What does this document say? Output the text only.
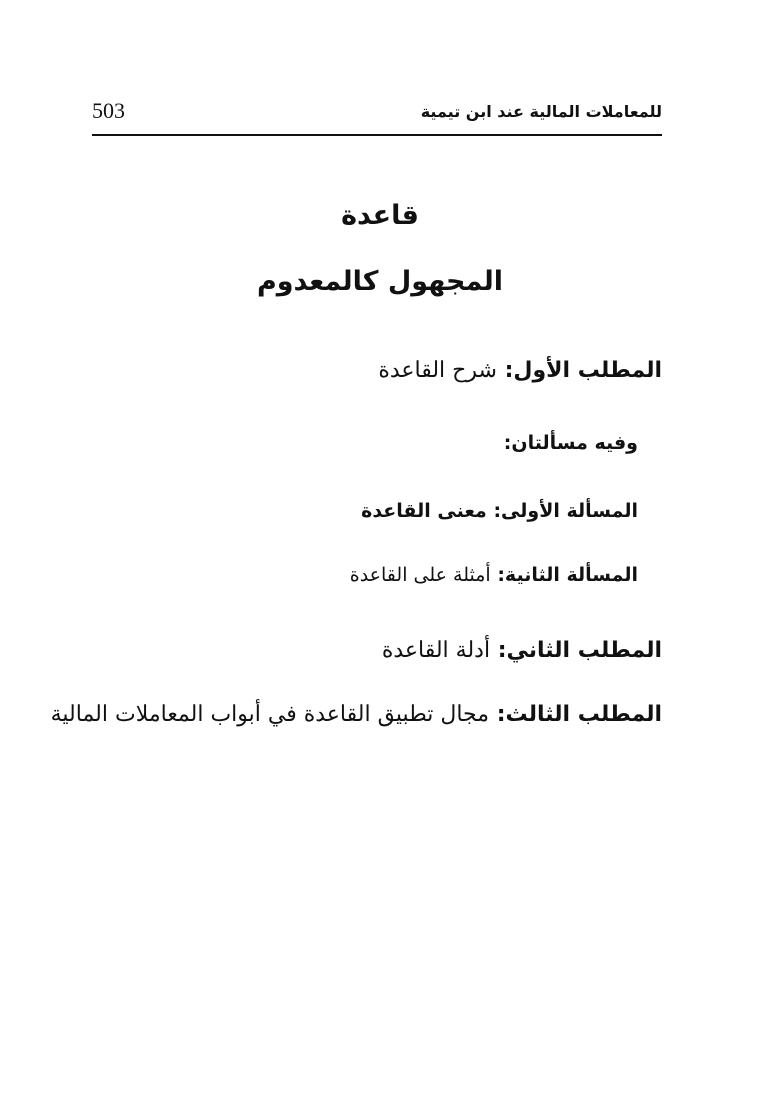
للمعاملات المالية عند ابن تيمية
503
قاعدة
المجهول كالمعدوم
المطلب الأول: شرح القاعدة
وفيه مسألتان:
المسألة الأولى: معنى القاعدة
المسألة الثانية: أمثلة على القاعدة
المطلب الثاني: أدلة القاعدة
المطلب الثالث: مجال تطبيق القاعدة في أبواب المعاملات المالية
